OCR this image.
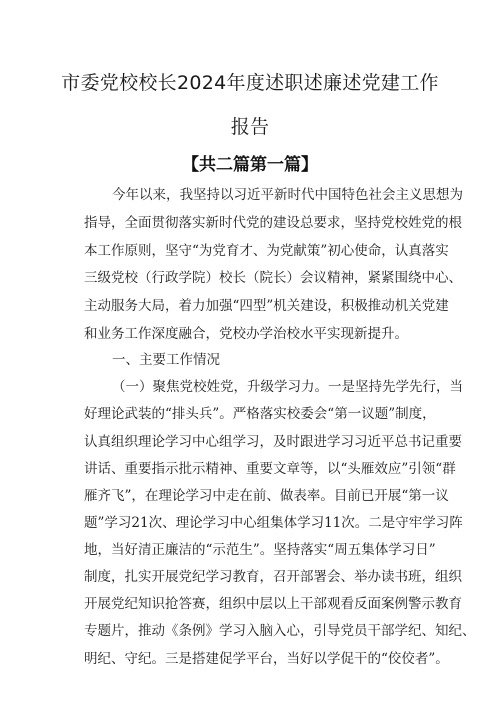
市委党校校长2024年度述职述廉述党建工作
报告
【共二篇第一篇】
今年以来，我坚持以习近平新时代中国特色社会主义思想为
指导，全面贯彻落实新时代党的建设总要求，坚持党校姓党的根
本工作原则，坚守“为党育才、为党献策”初心使命，认真落实
三级党校（行政学院）校长（院长）会议精神，紧紧围绕中心、
主动服务大局，着力加强“四型”机关建设，积极推动机关党建
和业务工作深度融合，党校办学治校水平实现新提升。
一、主要工作情况
（一）聚焦党校姓党，升级学习力。一是坚持先学先行，当
好理论武装的“排头兵”。严格落实校委会“第一议题”制度，
认真组织理论学习中心组学习，及时跟进学习习近平总书记重要
讲话、重要指示批示精神、重要文章等，以“头雁效应”引领“群
雁齐飞”，在理论学习中走在前、做表率。目前已开展“第一议
题”学习21次、理论学习中心组集体学习11次。二是守牢学习阵
地，当好清正廉洁的“示范生”。坚持落实“周五集体学习日”
制度，扎实开展党纪学习教育，召开部署会、举办读书班，组织
开展党纪知识抢答赛，组织中层以上干部观看反面案例警示教育
专题片，推动《条例》学习入脑入心，引导党员干部学纪、知纪、
明纪、守纪。三是搭建促学平台，当好以学促干的“佼佼者”。
